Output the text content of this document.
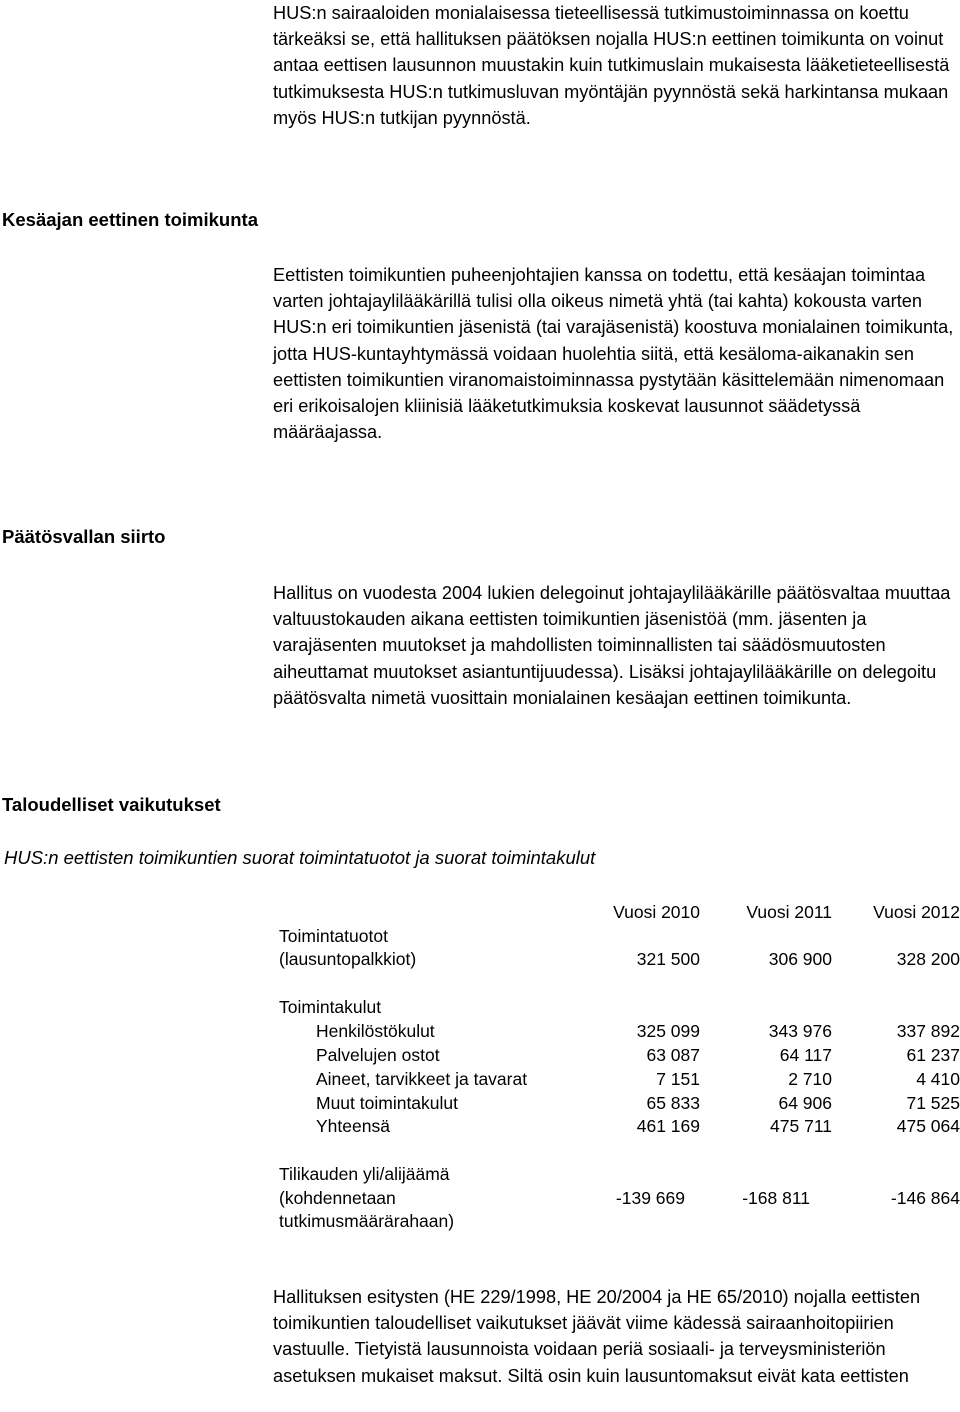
HUS:n sairaaloiden monialaisessa tieteellisessä tutkimustoiminnassa on koettu tärkeäksi se, että hallituksen päätöksen nojalla HUS:n eettinen toimikunta on voinut antaa eettisen lausunnon muustakin kuin tutkimuslain mukaisesta lääketieteellisestä tutkimuksesta HUS:n tutkimusluvan myöntäjän pyynnöstä sekä harkintansa mukaan myös HUS:n tutkijan pyynnöstä.

Kesäajan eettinen toimikunta

Eettisten toimikuntien puheenjohtajien kanssa on todettu, että kesäajan toimintaa varten johtajaylilääkärillä tulisi olla oikeus nimetä yhtä (tai kahta) kokousta varten HUS:n eri toimikuntien jäsenistä (tai varajäsenistä) koostuva monialainen toimikunta, jotta HUS-kuntayhtymässä voidaan huolehtia siitä, että kesäloma-aikanakin sen eettisten toimikuntien viranomaistoiminnassa pystytään käsittelemään nimenomaan eri erikoisalojen kliinisiä lääketutkimuksia koskevat lausunnot säädetyssä määräajassa.

Päätösvallan siirto

Hallitus on vuodesta 2004 lukien delegoinut johtajaylilääkärille päätösvaltaa muuttaa valtuustokauden aikana eettisten toimikuntien jäsenistöä (mm. jäsenten ja varajäsenten muutokset ja mahdollisten toiminnallisten tai säädösmuutosten aiheuttamat muutokset asiantuntijuudessa). Lisäksi johtajaylilääkärille on delegoitu päätösvalta nimetä vuosittain monialainen kesäajan eettinen toimikunta.

Taloudelliset vaikutukset

HUS:n eettisten toimikuntien suorat toimintatuotot ja suorat toimintakulut

Vuosi 2010	Vuosi 2011	Vuosi 2012
Toimintatuotot
(lausuntopalkkiot)	321 500	306 900	328 200
Toimintakulut
Henkilöstökulut	325 099	343 976	337 892
Palvelujen ostot	63 087	64 117	61 237
Aineet, tarvikkeet ja tavarat	7 151	2 710	4 410
Muut toimintakulut	65 833	64 906	71 525
Yhteensä	461 169	475 711	475 064
Tilikauden yli/alijäämä
(kohdennetaan
tutkimusmäärärahaan)
-139 669	-168 811	-146 864

Hallituksen esitysten (HE 229/1998, HE 20/2004 ja HE 65/2010) nojalla eettisten toimikuntien taloudelliset vaikutukset jäävät viime kädessä sairaanhoitopiirien vastuulle. Tietyistä lausunnoista voidaan periä sosiaali- ja terveysministeriön asetuksen mukaiset maksut. Siltä osin kuin lausuntomaksut eivät kata eettisten
